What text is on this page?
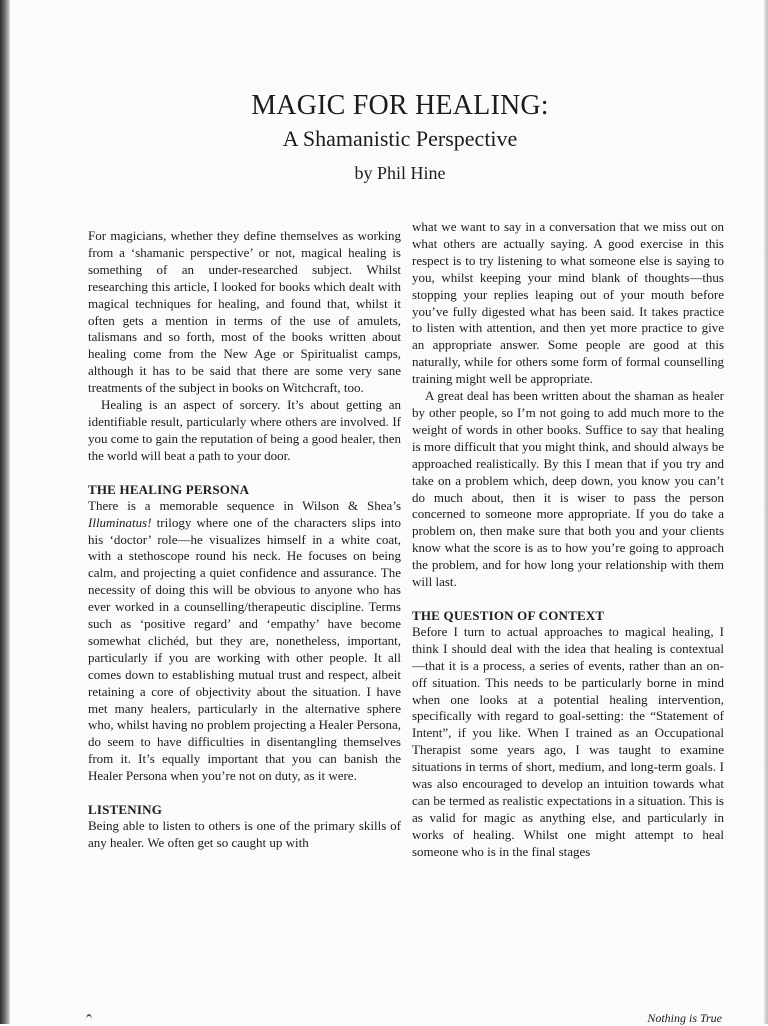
MAGIC FOR HEALING:
A Shamanistic Perspective
by Phil Hine

For magicians, whether they define themselves as working from a ‘shamanic perspective’ or not, magical healing is something of an under-researched subject. Whilst researching this article, I looked for books which dealt with magical techniques for healing, and found that, whilst it often gets a mention in terms of the use of amulets, talismans and so forth, most of the books written about healing come from the New Age or Spiritualist camps, although it has to be said that there are some very sane treatments of the subject in books on Witchcraft, too.

Healing is an aspect of sorcery. It’s about getting an identifiable result, particularly where others are involved. If you come to gain the reputation of being a good healer, then the world will beat a path to your door.

THE HEALING PERSONA

There is a memorable sequence in Wilson & Shea’s Illuminatus! trilogy where one of the characters slips into his ‘doctor’ role—he visualizes himself in a white coat, with a stethoscope round his neck. He focuses on being calm, and projecting a quiet confidence and assurance. The necessity of doing this will be obvious to anyone who has ever worked in a counselling/therapeutic discipline. Terms such as ‘positive regard’ and ‘empathy’ have become somewhat clichéd, but they are, nonetheless, important, particularly if you are working with other people. It all comes down to establishing mutual trust and respect, albeit retaining a core of objectivity about the situation. I have met many healers, particularly in the alternative sphere who, whilst having no problem projecting a Healer Persona, do seem to have difficulties in disentangling themselves from it. It’s equally important that you can banish the Healer Persona when you’re not on duty, as it were.

LISTENING

Being able to listen to others is one of the primary skills of any healer. We often get so caught up with

what we want to say in a conversation that we miss out on what others are actually saying. A good exercise in this respect is to try listening to what someone else is saying to you, whilst keeping your mind blank of thoughts—thus stopping your replies leaping out of your mouth before you’ve fully digested what has been said. It takes practice to listen with attention, and then yet more practice to give an appropriate answer. Some people are good at this naturally, while for others some form of formal counselling training might well be appropriate.

A great deal has been written about the shaman as healer by other people, so I’m not going to add much more to the weight of words in other books. Suffice to say that healing is more difficult that you might think, and should always be approached realistically. By this I mean that if you try and take on a problem which, deep down, you know you can’t do much about, then it is wiser to pass the person concerned to someone more appropriate. If you do take a problem on, then make sure that both you and your clients know what the score is as to how you’re going to approach the problem, and for how long your relationship with them will last.

THE QUESTION OF CONTEXT

Before I turn to actual approaches to magical healing, I think I should deal with the idea that healing is contextual—that it is a process, a series of events, rather than an on-off situation. This needs to be particularly borne in mind when one looks at a potential healing intervention, specifically with regard to goal-setting: the “Statement of Intent”, if you like. When I trained as an Occupational Therapist some years ago, I was taught to examine situations in terms of short, medium, and long-term goals. I was also encouraged to develop an intuition towards what can be termed as realistic expectations in a situation. This is as valid for magic as anything else, and particularly in works of healing. Whilst one might attempt to heal someone who is in the final stages

Nothing is True
